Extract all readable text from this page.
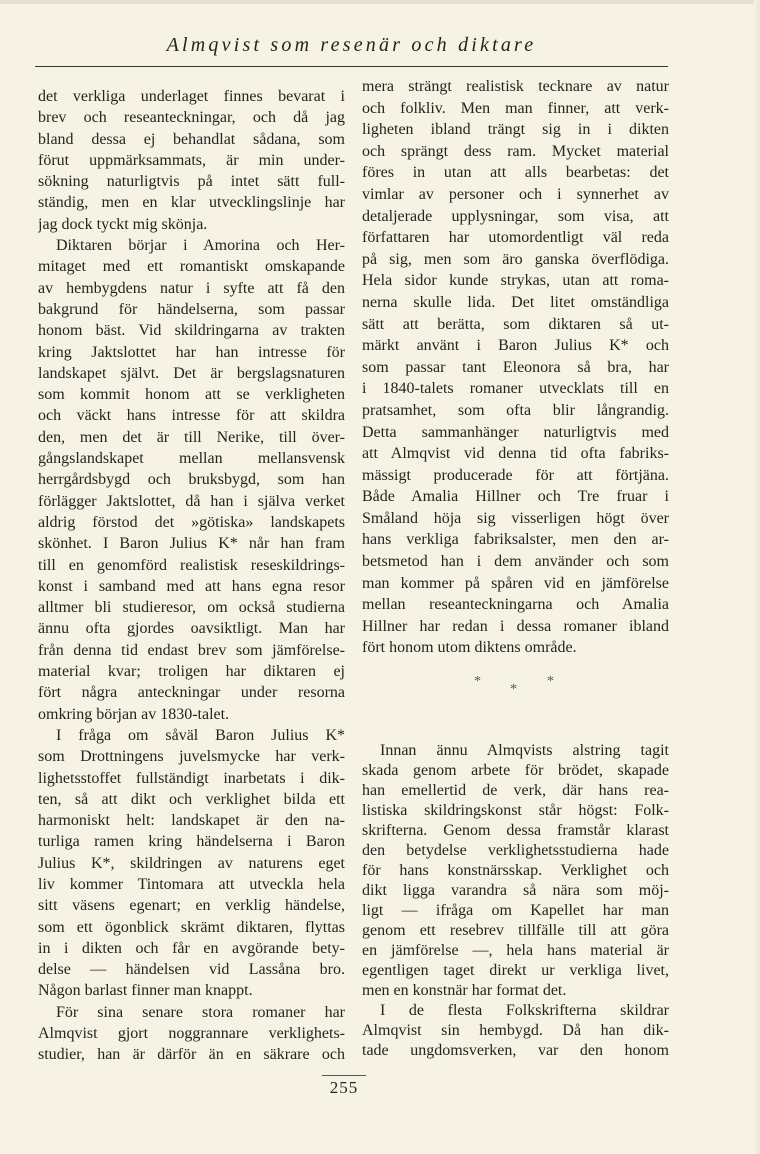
Almqvist som resenär och diktare
det verkliga underlaget finnes bevarat i
brev och reseanteckningar, och då jag
bland dessa ej behandlat sådana, som
förut uppmärksammats, är min under-
sökning naturligtvis på intet sätt full-
ständig, men en klar utvecklingslinje har
jag dock tyckt mig skönja.
Diktaren börjar i Amorina och Her-
mitaget med ett romantiskt omskapande
av hembygdens natur i syfte att få den
bakgrund för händelserna, som passar
honom bäst. Vid skildringarna av trakten
kring Jaktslottet har han intresse för
landskapet självt. Det är bergslagsnaturen
som kommit honom att se verkligheten
och väckt hans intresse för att skildra
den, men det är till Nerike, till över-
gångslandskapet mellan mellansvensk
herrgårdsbygd och bruksbygd, som han
förlägger Jaktslottet, då han i själva verket
aldrig förstod det »götiska» landskapets
skönhet. I Baron Julius K* når han fram
till en genomförd realistisk reseskildrings-
konst i samband med att hans egna resor
alltmer bli studieresor, om också studierna
ännu ofta gjordes oavsiktligt. Man har
från denna tid endast brev som jämförelse-
material kvar; troligen har diktaren ej
fört några anteckningar under resorna
omkring början av 1830-talet.
I fråga om såväl Baron Julius K*
som Drottningens juvelsmycke har verk-
lighetsstoffet fullständigt inarbetats i dik-
ten, så att dikt och verklighet bilda ett
harmoniskt helt: landskapet är den na-
turliga ramen kring händelserna i Baron
Julius K*, skildringen av naturens eget
liv kommer Tintomara att utveckla hela
sitt väsens egenart; en verklig händelse,
som ett ögonblick skrämt diktaren, flyttas
in i dikten och får en avgörande bety-
delse — händelsen vid Lassåna bro.
Någon barlast finner man knappt.
För sina senare stora romaner har
Almqvist gjort noggrannare verklighets-
studier, han är därför än en säkrare och
mera strängt realistisk tecknare av natur
och folkliv. Men man finner, att verk-
ligheten ibland trängt sig in i dikten
och sprängt dess ram. Mycket material
föres in utan att alls bearbetas: det
vimlar av personer och i synnerhet av
detaljerade upplysningar, som visa, att
författaren har utomordentligt väl reda
på sig, men som äro ganska överflödiga.
Hela sidor kunde strykas, utan att roma-
nerna skulle lida. Det litet omständliga
sätt att berätta, som diktaren så ut-
märkt använt i Baron Julius K* och
som passar tant Eleonora så bra, har
i 1840-talets romaner utvecklats till en
pratsamhet, som ofta blir långrandig.
Detta sammanhänger naturligtvis med
att Almqvist vid denna tid ofta fabriks-
mässigt producerade för att förtjäna.
Både Amalia Hillner och Tre fruar i
Småland höja sig visserligen högt över
hans verkliga fabriksalster, men den ar-
betsmetod han i dem använder och som
man kommer på spåren vid en jämförelse
mellan reseanteckningarna och Amalia
Hillner har redan i dessa romaner ibland
fört honom utom diktens område.
*
*
*
Innan ännu Almqvists alstring tagit
skada genom arbete för brödet, skapade
han emellertid de verk, där hans rea-
listiska skildringskonst står högst: Folk-
skrifterna. Genom dessa framstår klarast
den betydelse verklighetsstudierna hade
för hans konstnärsskap. Verklighet och
dikt ligga varandra så nära som möj-
ligt — ifråga om Kapellet har man
genom ett resebrev tillfälle till att göra
en jämförelse —, hela hans material är
egentligen taget direkt ur verkliga livet,
men en konstnär har format det.
I de flesta Folkskrifterna skildrar
Almqvist sin hembygd. Då han dik-
tade ungdomsverken, var den honom
255
